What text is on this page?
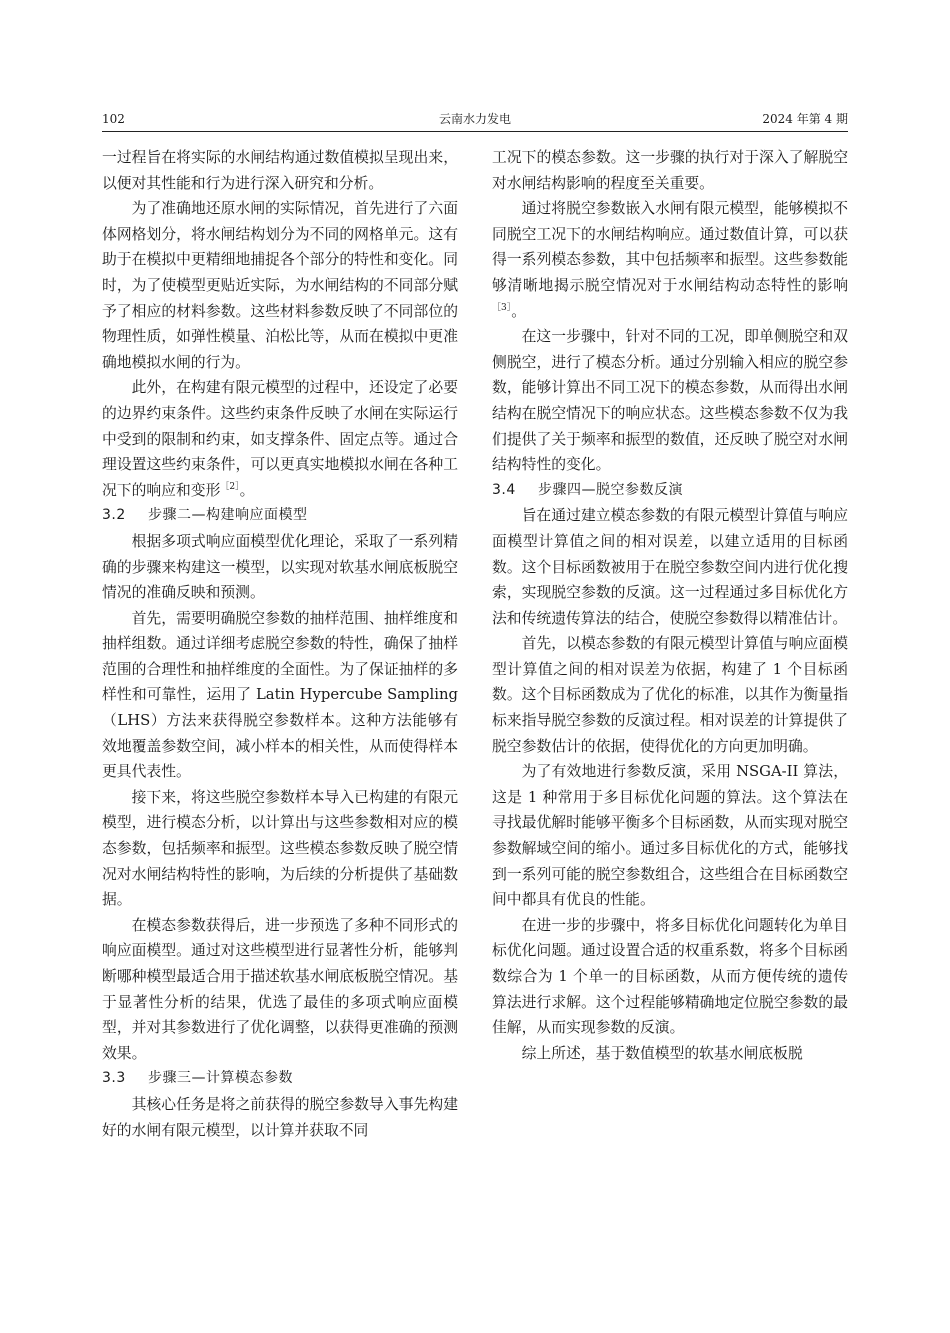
102	云南水力发电	2024 年第 4 期

一过程旨在将实际的水闸结构通过数值模拟呈现出来，以便对其性能和行为进行深入研究和分析。

为了准确地还原水闸的实际情况，首先进行了六面体网格划分，将水闸结构划分为不同的网格单元。这有助于在模拟中更精细地捕捉各个部分的特性和变化。同时，为了使模型更贴近实际，为水闸结构的不同部分赋予了相应的材料参数。这些材料参数反映了不同部位的物理性质，如弹性模量、泊松比等，从而在模拟中更准确地模拟水闸的行为。

此外，在构建有限元模型的过程中，还设定了必要的边界约束条件。这些约束条件反映了水闸在实际运行中受到的限制和约束，如支撑条件、固定点等。通过合理设置这些约束条件，可以更真实地模拟水闸在各种工况下的响应和变形$^{[2]}$。

3.2 步骤二—构建响应面模型

根据多项式响应面模型优化理论，采取了一系列精确的步骤来构建这一模型，以实现对软基水闸底板脱空情况的准确反映和预测。

首先，需要明确脱空参数的抽样范围、抽样维度和抽样组数。通过详细考虑脱空参数的特性，确保了抽样范围的合理性和抽样维度的全面性。为了保证抽样的多样性和可靠性，运用了 Latin Hypercube Sampling（LHS）方法来获得脱空参数样本。这种方法能够有效地覆盖参数空间，减小样本的相关性，从而使得样本更具代表性。

接下来，将这些脱空参数样本导入已构建的有限元模型，进行模态分析，以计算出与这些参数相对应的模态参数，包括频率和振型。这些模态参数反映了脱空情况对水闸结构特性的影响，为后续的分析提供了基础数据。

在模态参数获得后，进一步预选了多种不同形式的响应面模型。通过对这些模型进行显著性分析，能够判断哪种模型最适合用于描述软基水闸底板脱空情况。基于显著性分析的结果，优选了最佳的多项式响应面模型，并对其参数进行了优化调整，以获得更准确的预测效果。

3.3 步骤三—计算模态参数

其核心任务是将之前获得的脱空参数导入事先构建好的水闸有限元模型，以计算并获取不同

工况下的模态参数。这一步骤的执行对于深入了解脱空对水闸结构影响的程度至关重要。

通过将脱空参数嵌入水闸有限元模型，能够模拟不同脱空工况下的水闸结构响应。通过数值计算，可以获得一系列模态参数，其中包括频率和振型。这些参数能够清晰地揭示脱空情况对于水闸结构动态特性的影响$^{[3]}$。

在这一步骤中，针对不同的工况，即单侧脱空和双侧脱空，进行了模态分析。通过分别输入相应的脱空参数，能够计算出不同工况下的模态参数，从而得出水闸结构在脱空情况下的响应状态。这些模态参数不仅为我们提供了关于频率和振型的数值，还反映了脱空对水闸结构特性的变化。

3.4 步骤四—脱空参数反演

旨在通过建立模态参数的有限元模型计算值与响应面模型计算值之间的相对误差，以建立适用的目标函数。这个目标函数被用于在脱空参数空间内进行优化搜索，实现脱空参数的反演。这一过程通过多目标优化方法和传统遗传算法的结合，使脱空参数得以精准估计。

首先，以模态参数的有限元模型计算值与响应面模型计算值之间的相对误差为依据，构建了 1 个目标函数。这个目标函数成为了优化的标准，以其作为衡量指标来指导脱空参数的反演过程。相对误差的计算提供了脱空参数估计的依据，使得优化的方向更加明确。

为了有效地进行参数反演，采用 NSGA-II 算法，这是 1 种常用于多目标优化问题的算法。这个算法在寻找最优解时能够平衡多个目标函数，从而实现对脱空参数解域空间的缩小。通过多目标优化的方式，能够找到一系列可能的脱空参数组合，这些组合在目标函数空间中都具有优良的性能。

在进一步的步骤中，将多目标优化问题转化为单目标优化问题。通过设置合适的权重系数，将多个目标函数综合为 1 个单一的目标函数，从而方便传统的遗传算法进行求解。这个过程能够精确地定位脱空参数的最佳解，从而实现参数的反演。

综上所述，基于数值模型的软基水闸底板脱
